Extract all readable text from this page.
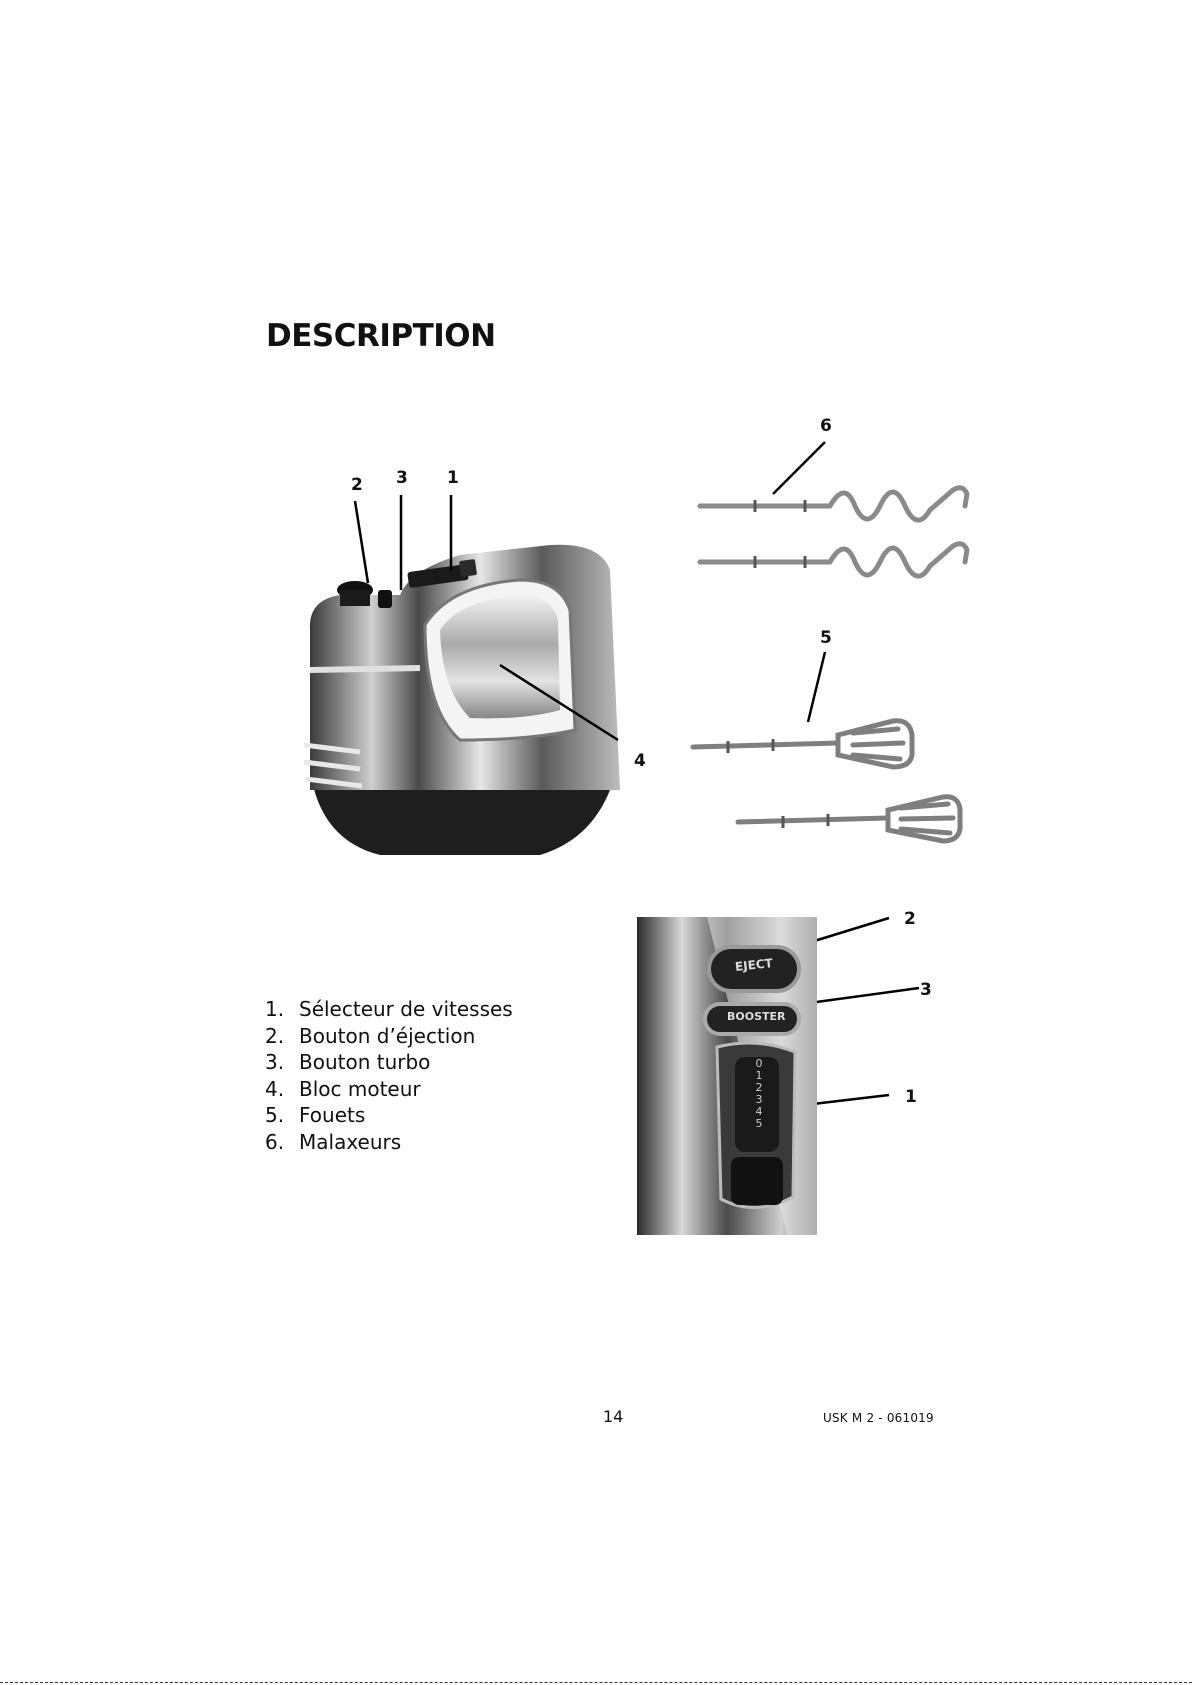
DESCRIPTION
2 3 1
4
6
5
EJECT
BOOSTER
0
1
2
3
4
5
2
3
1
1. Sélecteur de vitesses
2. Bouton d’éjection
3. Bouton turbo
4. Bloc moteur
5. Fouets
6. Malaxeurs
14	USK M 2 - 061019
